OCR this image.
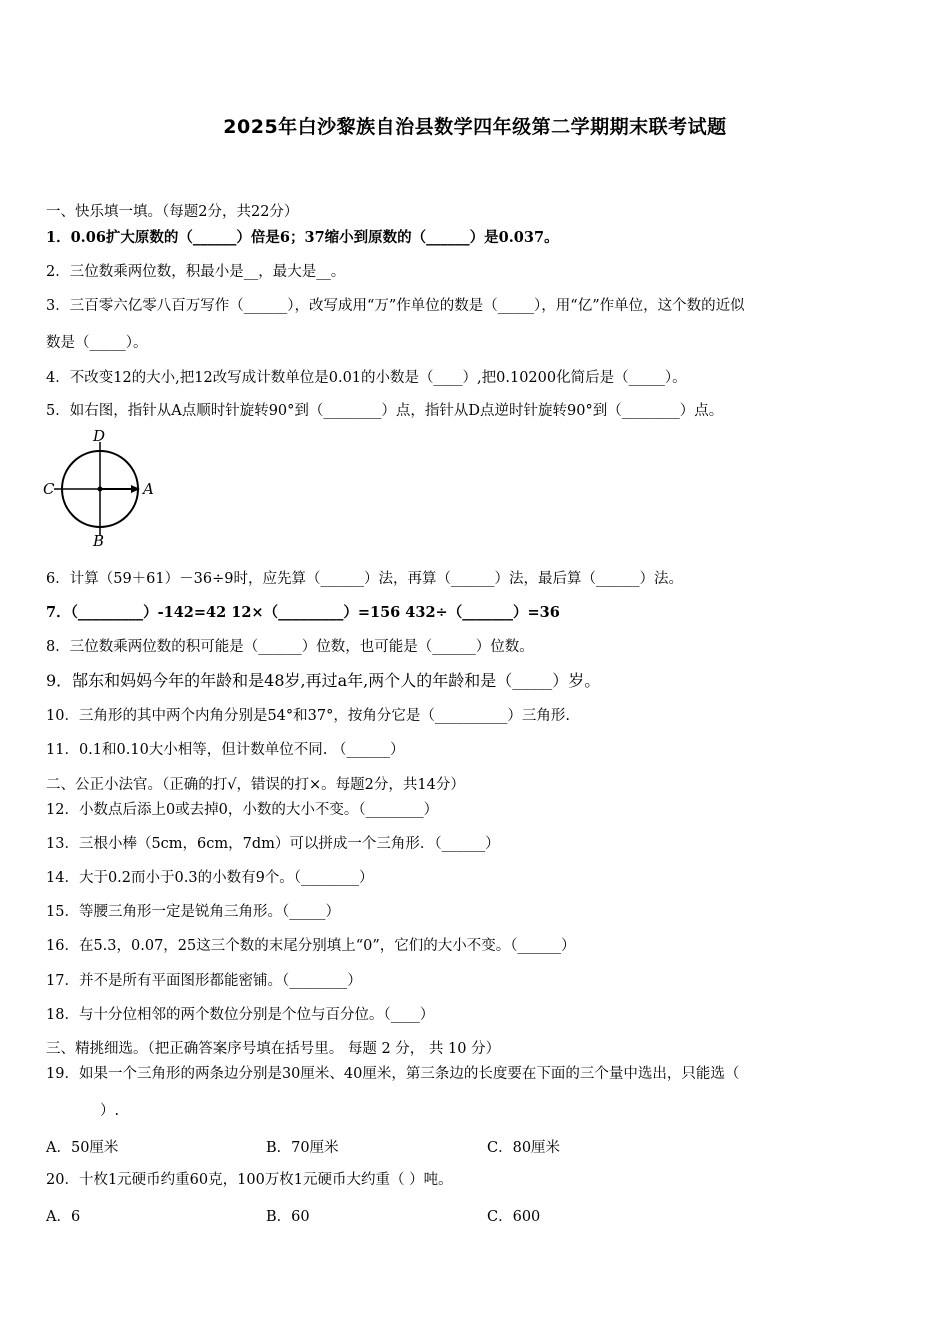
2025年白沙黎族自治县数学四年级第二学期期末联考试题
一、快乐填一填。（每题2分，共22分）
1．0.06扩大原数的（______）倍是6；37缩小到原数的（______）是0.037。
2．三位数乘两位数，积最小是__，最大是__。
3．三百零六亿零八百万写作（______），改写成用“万”作单位的数是（_____），用“亿”作单位，这个数的近似
数是（_____）。
4．不改变12的大小,把12改写成计数单位是0.01的小数是（____）,把0.10200化简后是（_____）。
5．如右图，指针从A点顺时针旋转90°到（________）点，指针从D点逆时针旋转90°到（________）点。
D
C	A
B
6．计算（59＋61）－36÷9时，应先算（______）法，再算（______）法，最后算（______）法。
7．（_________）-142=42 12×（_________）=156 432÷（_______）=36
8．三位数乘两位数的积可能是（______）位数，也可能是（______）位数。
9．郜东和妈妈今年的年龄和是48岁,再过a年,两个人的年龄和是（_____）岁。
10．三角形的其中两个内角分别是54°和37°，按角分它是（__________）三角形.
11．0.1和0.10大小相等，但计数单位不同. （______）
二、公正小法官。（正确的打√，错误的打×。每题2分，共14分）
12．小数点后添上0或去掉0，小数的大小不变。（________）
13．三根小棒（5cm，6cm，7dm）可以拼成一个三角形．（______）
14．大于0.2而小于0.3的小数有9个。（________）
15．等腰三角形一定是锐角三角形。（_____）
16．在5.3，0.07，25这三个数的末尾分别填上“0”，它们的大小不变。（______）
17．并不是所有平面图形都能密铺。（________）
18．与十分位相邻的两个数位分别是个位与百分位。（____）
三、精挑细选。（把正确答案序号填在括号里。 每题 2 分， 共 10 分）
19．如果一个三角形的两条边分别是30厘米、40厘米，第三条边的长度要在下面的三个量中选出，只能选（
）.
A．50厘米	B．70厘米	C．80厘米
20．十枚1元硬币约重60克，100万枚1元硬币大约重（ ）吨。
A．6	B．60	C．600
